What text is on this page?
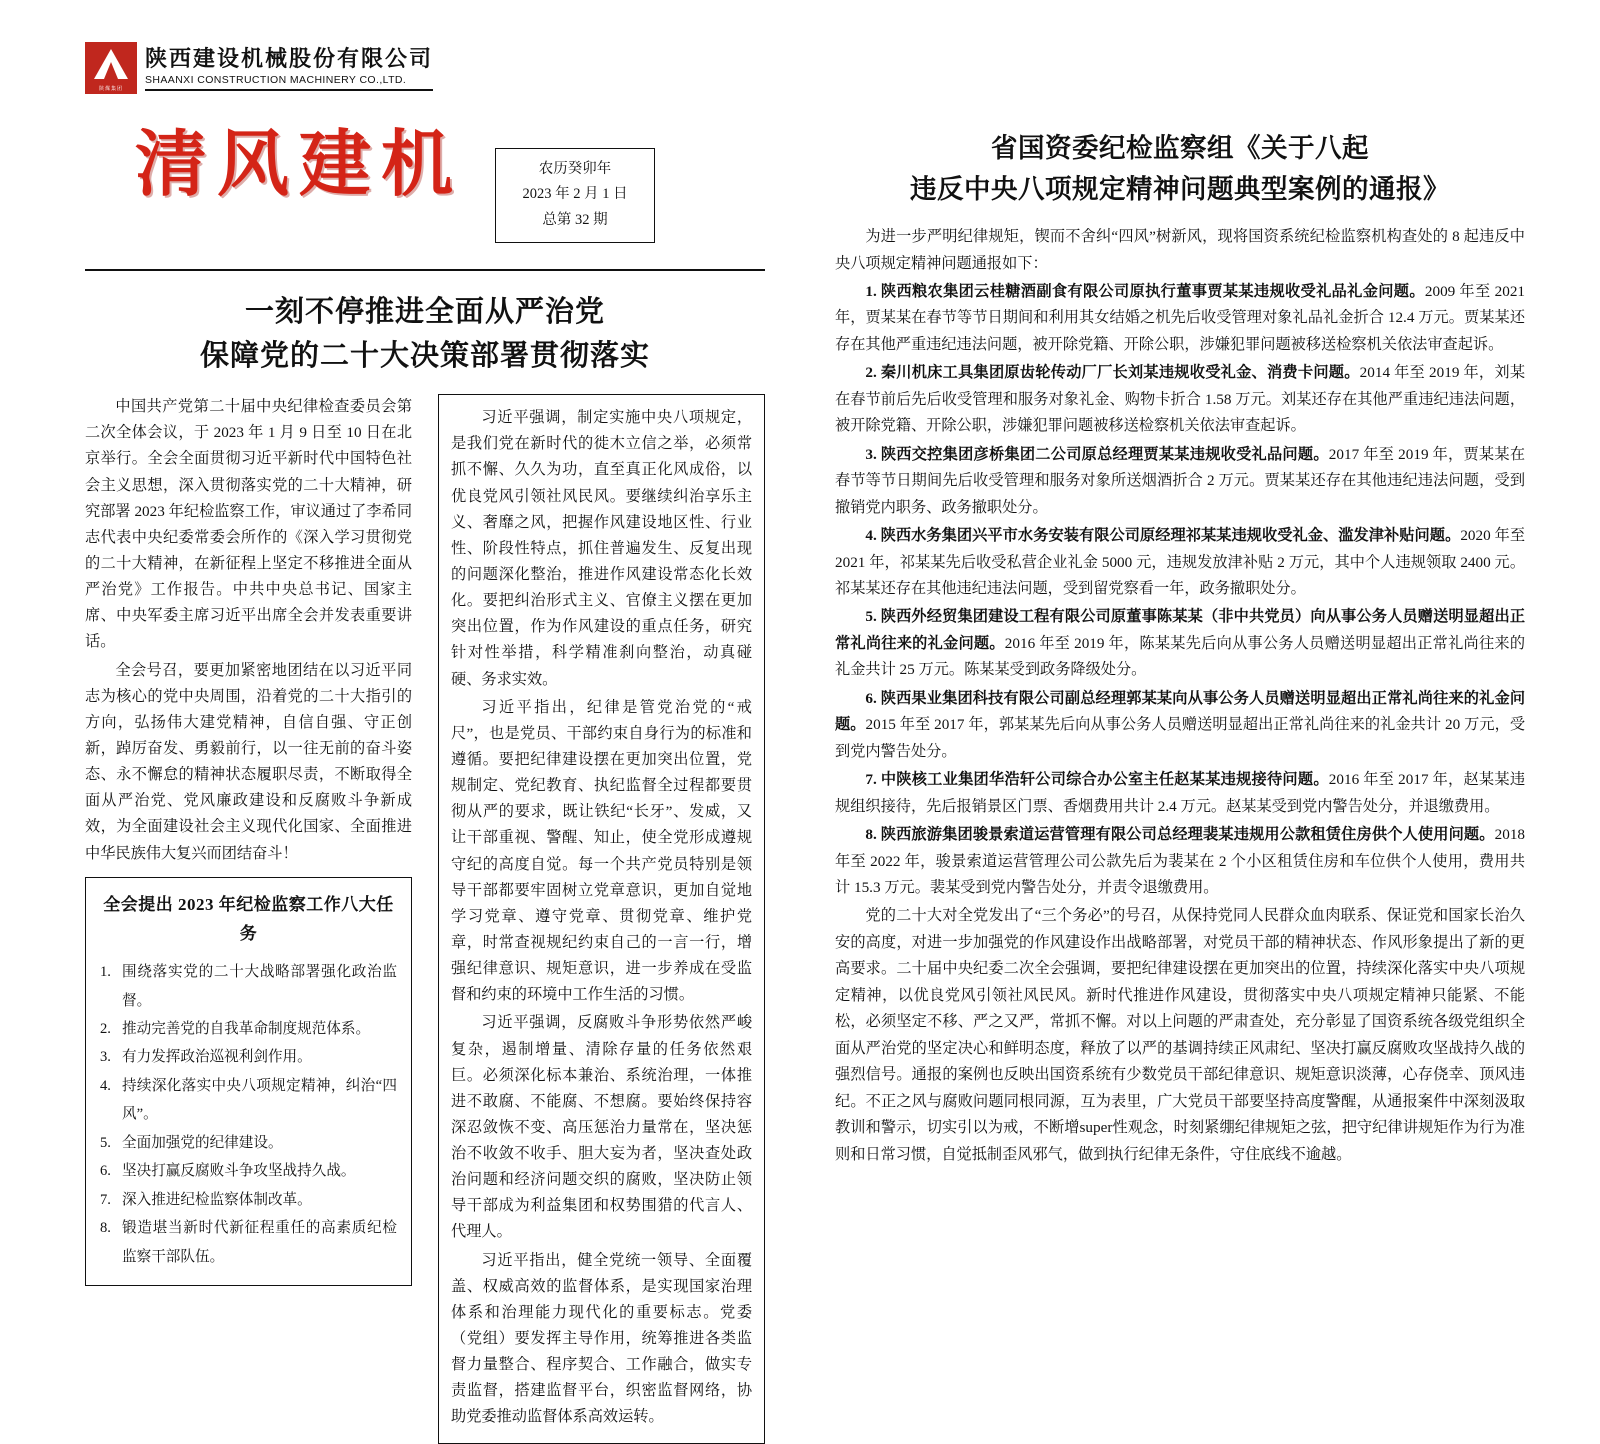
陕煤集团
陕西建设机械股份有限公司
SHAANXI CONSTRUCTION MACHINERY CO.,LTD.
清风建机	农历癸卯年
2023 年 2 月 1 日
总第 32 期
一刻不停推进全面从严治党
保障党的二十大决策部署贯彻落实

中国共产党第二十届中央纪律检查委员会第二次全体会议，于 2023 年 1 月 9 日至 10 日在北京举行。全会全面贯彻习近平新时代中国特色社会主义思想，深入贯彻落实党的二十大精神，研究部署 2023 年纪检监察工作，审议通过了李希同志代表中央纪委常委会所作的《深入学习贯彻党的二十大精神，在新征程上坚定不移推进全面从严治党》工作报告。中共中央总书记、国家主席、中央军委主席习近平出席全会并发表重要讲话。

全会号召，要更加紧密地团结在以习近平同志为核心的党中央周围，沿着党的二十大指引的方向，弘扬伟大建党精神，自信自强、守正创新，踔厉奋发、勇毅前行，以一往无前的奋斗姿态、永不懈怠的精神状态履职尽责，不断取得全面从严治党、党风廉政建设和反腐败斗争新成效，为全面建设社会主义现代化国家、全面推进中华民族伟大复兴而团结奋斗！

全会提出 2023 年纪检监察工作八大任务
1. 围绕落实党的二十大战略部署强化政治监督。
2. 推动完善党的自我革命制度规范体系。
3. 有力发挥政治巡视利剑作用。
4. 持续深化落实中央八项规定精神，纠治“四风”。
5. 全面加强党的纪律建设。
6. 坚决打赢反腐败斗争攻坚战持久战。
7. 深入推进纪检监察体制改革。
8. 锻造堪当新时代新征程重任的高素质纪检监察干部队伍。

习近平强调，制定实施中央八项规定，是我们党在新时代的徙木立信之举，必须常抓不懈、久久为功，直至真正化风成俗，以优良党风引领社风民风。要继续纠治享乐主义、奢靡之风，把握作风建设地区性、行业性、阶段性特点，抓住普遍发生、反复出现的问题深化整治，推进作风建设常态化长效化。要把纠治形式主义、官僚主义摆在更加突出位置，作为作风建设的重点任务，研究针对性举措，科学精准刹向整治，动真碰硬、务求实效。

习近平指出，纪律是管党治党的“戒尺”，也是党员、干部约束自身行为的标准和遵循。要把纪律建设摆在更加突出位置，党规制定、党纪教育、执纪监督全过程都要贯彻从严的要求，既让铁纪“长牙”、发威，又让干部重视、警醒、知止，使全党形成遵规守纪的高度自觉。每一个共产党员特别是领导干部都要牢固树立党章意识，更加自觉地学习党章、遵守党章、贯彻党章、维护党章，时常查视规纪约束自己的一言一行，增强纪律意识、规矩意识，进一步养成在受监督和约束的环境中工作生活的习惯。

习近平强调，反腐败斗争形势依然严峻复杂，遏制增量、清除存量的任务依然艰巨。必须深化标本兼治、系统治理，一体推进不敢腐、不能腐、不想腐。要始终保持容深忍敛恢不变、高压惩治力量常在，坚决惩治不收敛不收手、胆大妄为者，坚决查处政治问题和经济问题交织的腐败，坚决防止领导干部成为利益集团和权势围猎的代言人、代理人。

习近平指出，健全党统一领导、全面覆盖、权威高效的监督体系，是实现国家治理体系和治理能力现代化的重要标志。党委（党组）要发挥主导作用，统筹推进各类监督力量整合、程序契合、工作融合，做实专责监督，搭建监督平台，织密监督网络，协助党委推动监督体系高效运转。

省国资委纪检监察组《关于八起
违反中央八项规定精神问题典型案例的通报》

为进一步严明纪律规矩，锲而不舍纠“四风”树新风，现将国资系统纪检监察机构查处的 8 起违反中央八项规定精神问题通报如下：

1. 陕西粮农集团云桂糖酒副食有限公司原执行董事贾某某违规收受礼品礼金问题。2009 年至 2021 年，贾某某在春节等节日期间和利用其女结婚之机先后收受管理对象礼品礼金折合 12.4 万元。贾某某还存在其他严重违纪违法问题，被开除党籍、开除公职，涉嫌犯罪问题被移送检察机关依法审查起诉。

2. 秦川机床工具集团原齿轮传动厂厂长刘某违规收受礼金、消费卡问题。2014 年至 2019 年，刘某在春节前后先后收受管理和服务对象礼金、购物卡折合 1.58 万元。刘某还存在其他严重违纪违法问题，被开除党籍、开除公职，涉嫌犯罪问题被移送检察机关依法审查起诉。

3. 陕西交控集团彦桥集团二公司原总经理贾某某违规收受礼品问题。2017 年至 2019 年，贾某某在春节等节日期间先后收受管理和服务对象所送烟酒折合 2 万元。贾某某还存在其他违纪违法问题，受到撤销党内职务、政务撤职处分。

4. 陕西水务集团兴平市水务安装有限公司原经理祁某某违规收受礼金、滥发津补贴问题。2020 年至 2021 年，祁某某先后收受私营企业礼金 5000 元，违规发放津补贴 2 万元，其中个人违规领取 2400 元。祁某某还存在其他违纪违法问题，受到留党察看一年，政务撤职处分。

5. 陕西外经贸集团建设工程有限公司原董事陈某某（非中共党员）向从事公务人员赠送明显超出正常礼尚往来的礼金问题。2016 年至 2019 年，陈某某先后向从事公务人员赠送明显超出正常礼尚往来的礼金共计 25 万元。陈某某受到政务降级处分。

6. 陕西果业集团科技有限公司副总经理郭某某向从事公务人员赠送明显超出正常礼尚往来的礼金问题。2015 年至 2017 年，郭某某先后向从事公务人员赠送明显超出正常礼尚往来的礼金共计 20 万元，受到党内警告处分。

7. 中陕核工业集团华浩轩公司综合办公室主任赵某某违规接待问题。2016 年至 2017 年，赵某某违规组织接待，先后报销景区门票、香烟费用共计 2.4 万元。赵某某受到党内警告处分，并退缴费用。

8. 陕西旅游集团骏景索道运营管理有限公司总经理裴某违规用公款租赁住房供个人使用问题。2018 年至 2022 年，骏景索道运营管理公司公款先后为裴某在 2 个小区租赁住房和车位供个人使用，费用共计 15.3 万元。裴某受到党内警告处分，并责令退缴费用。

党的二十大对全党发出了“三个务必”的号召，从保持党同人民群众血肉联系、保证党和国家长治久安的高度，对进一步加强党的作风建设作出战略部署，对党员干部的精神状态、作风形象提出了新的更高要求。二十届中央纪委二次全会强调，要把纪律建设摆在更加突出的位置，持续深化落实中央八项规定精神，以优良党风引领社风民风。新时代推进作风建设，贯彻落实中央八项规定精神只能紧、不能松，必须坚定不移、严之又严，常抓不懈。对以上问题的严肃查处，充分彰显了国资系统各级党组织全面从严治党的坚定决心和鲜明态度，释放了以严的基调持续正风肃纪、坚决打赢反腐败攻坚战持久战的强烈信号。通报的案例也反映出国资系统有少数党员干部纪律意识、规矩意识淡薄，心存侥幸、顶风违纪。不正之风与腐败问题同根同源，互为表里，广大党员干部要坚持高度警醒，从通报案件中深刻汲取教训和警示，切实引以为戒，不断增super性观念，时刻紧绷纪律规矩之弦，把守纪律讲规矩作为行为准则和日常习惯，自觉抵制歪风邪气，做到执行纪律无条件，守住底线不逾越。
